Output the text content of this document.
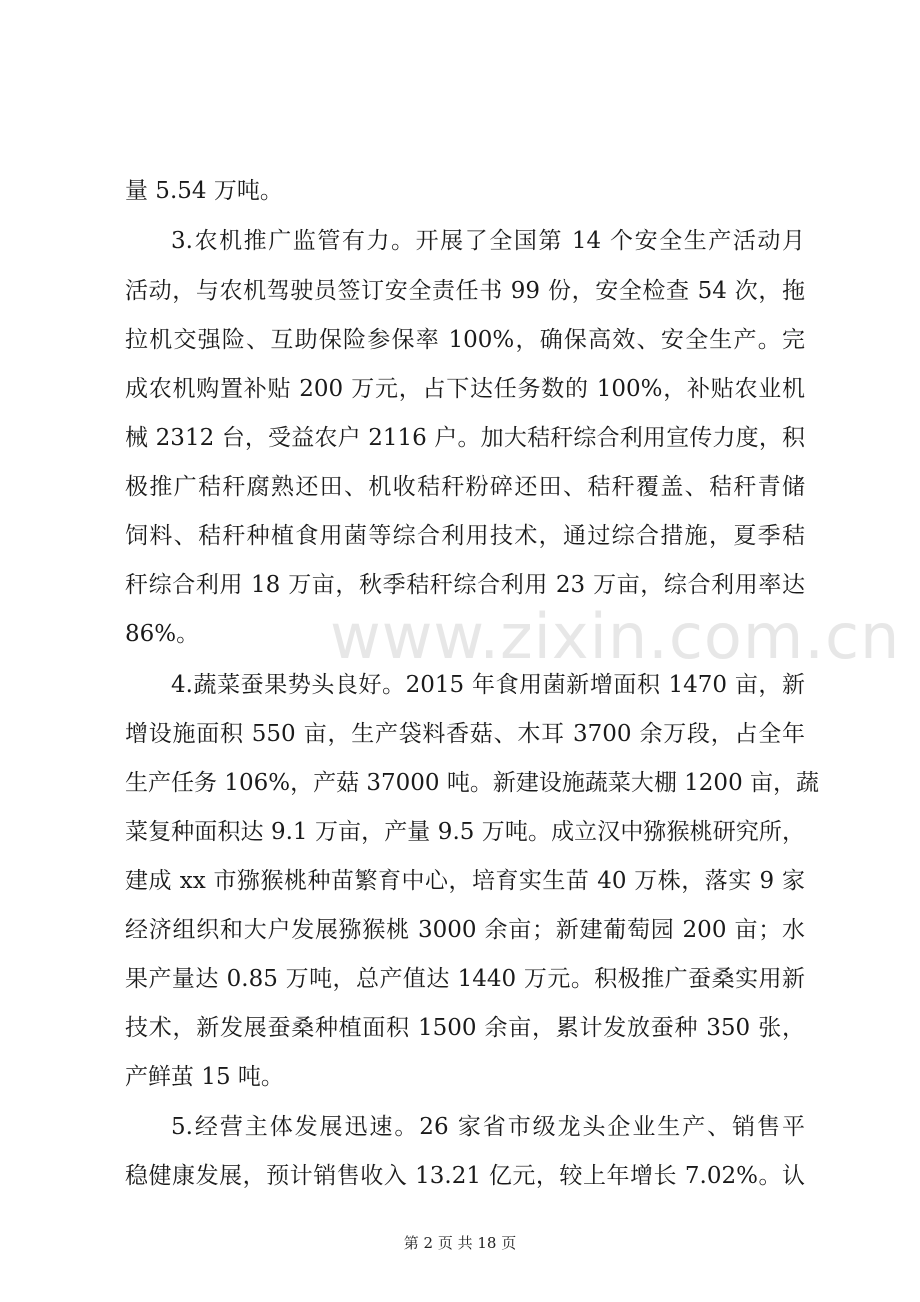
www.zixin.com.cn
量 5.54 万吨。
3.农机推广监管有力。开展了全国第 14 个安全生产活动月
活动，与农机驾驶员签订安全责任书 99 份，安全检查 54 次，拖
拉机交强险、互助保险参保率 100%，确保高效、安全生产。完
成农机购置补贴 200 万元，占下达任务数的 100%，补贴农业机
械 2312 台，受益农户 2116 户。加大秸秆综合利用宣传力度，积
极推广秸秆腐熟还田、机收秸秆粉碎还田、秸秆覆盖、秸秆青储
饲料、秸秆种植食用菌等综合利用技术，通过综合措施，夏季秸
秆综合利用 18 万亩，秋季秸秆综合利用 23 万亩，综合利用率达
86%。
4.蔬菜蚕果势头良好。2015 年食用菌新增面积 1470 亩，新
增设施面积 550 亩，生产袋料香菇、木耳 3700 余万段，占全年
生产任务 106%，产菇 37000 吨。新建设施蔬菜大棚 1200 亩，蔬
菜复种面积达 9.1 万亩，产量 9.5 万吨。成立汉中猕猴桃研究所，
建成 xx 市猕猴桃种苗繁育中心，培育实生苗 40 万株，落实 9 家
经济组织和大户发展猕猴桃 3000 余亩；新建葡萄园 200 亩；水
果产量达 0.85 万吨，总产值达 1440 万元。积极推广蚕桑实用新
技术，新发展蚕桑种植面积 1500 余亩，累计发放蚕种 350 张，
产鲜茧 15 吨。
5.经营主体发展迅速。26 家省市级龙头企业生产、销售平
稳健康发展，预计销售收入 13.21 亿元，较上年增长 7.02%。认
第 2 页 共 18 页
